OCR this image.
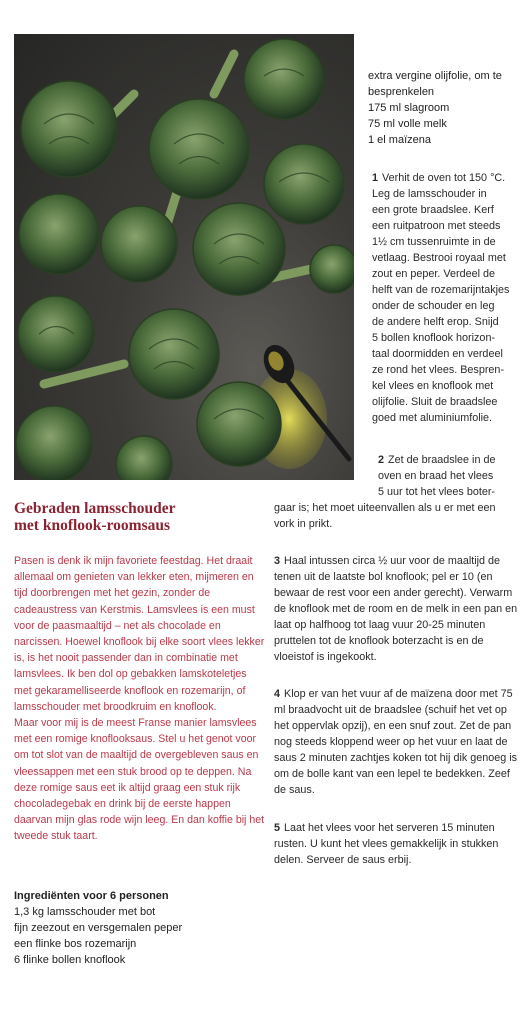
extra vergine olijfolie, om te

besprenkelen

175 ml slagroom

75 ml volle melk

1 el maïzena

1 Verhit de oven tot 150 °C.

Leg de lamsschouder in

een grote braadslee. Kerf

een ruitpatroon met steeds

1½ cm tussenruimte in de

vetlaag. Bestrooi royaal met

zout en peper. Verdeel de

helft van de rozemarijntakjes

onder de schouder en leg

de andere helft erop. Snijd

5 bollen knoflook horizon-

taal doormidden en verdeel

ze rond het vlees. Bespren-

kel vlees en knoflook met

olijfolie. Sluit de braadslee

goed met aluminiumfolie.

2 Zet de braadslee in de

oven en braad het vlees

5 uur tot het vlees boter-

gaar is; het moet uiteenvallen als u er met een

vork in prikt.

3 Haal intussen circa ½ uur voor de maaltijd de tenen uit de laatste bol knoflook; pel er 10 (en bewaar de rest voor een ander gerecht). Verwarm de knoflook met de room en de melk in een pan en laat op halfhoog tot laag vuur 20-25 minuten pruttelen tot de knoflook boterzacht is en de vloeistof is ingekookt.

4 Klop er van het vuur af de maïzena door met 75 ml braadvocht uit de braadslee (schuif het vet op het oppervlak opzij), en een snuf zout. Zet de pan nog steeds kloppend weer op het vuur en laat de saus 2 minuten zachtjes koken tot hij dik genoeg is om de bolle kant van een lepel te bedekken. Zeef de saus.

5 Laat het vlees voor het serveren 15 minuten rusten. U kunt het vlees gemakkelijk in stukken delen. Serveer de saus erbij.

Gebraden lamsschouder
met knoflook-roomsaus

Pasen is denk ik mijn favoriete feestdag. Het draait allemaal om genieten van lekker eten, mijmeren en tijd doorbrengen met het gezin, zonder de cadeaustress van Kerstmis. Lamsvlees is een must voor de paasmaaltijd – net als chocolade en narcissen. Hoewel knoflook bij elke soort vlees lekker is, is het nooit passender dan in combinatie met lamsvlees. Ik ben dol op gebakken lamskoteletjes met gekaramelliseerde knoflook en rozemarijn, of lamsschouder met broodkruim en knoflook.

Maar voor mij is de meest Franse manier lamsvlees met een romige knoflooksaus. Stel u het genot voor om tot slot van de maaltijd de overgebleven saus en vleessappen met een stuk brood op te deppen. Na deze romige saus eet ik altijd graag een stuk rijk chocoladegebak en drink bij de eerste happen daarvan mijn glas rode wijn leeg. En dan koffie bij het tweede stuk taart.

Ingrediënten voor 6 personen

1,3 kg lamsschouder met bot

fijn zeezout en versgemalen peper

een flinke bos rozemarijn

6 flinke bollen knoflook
